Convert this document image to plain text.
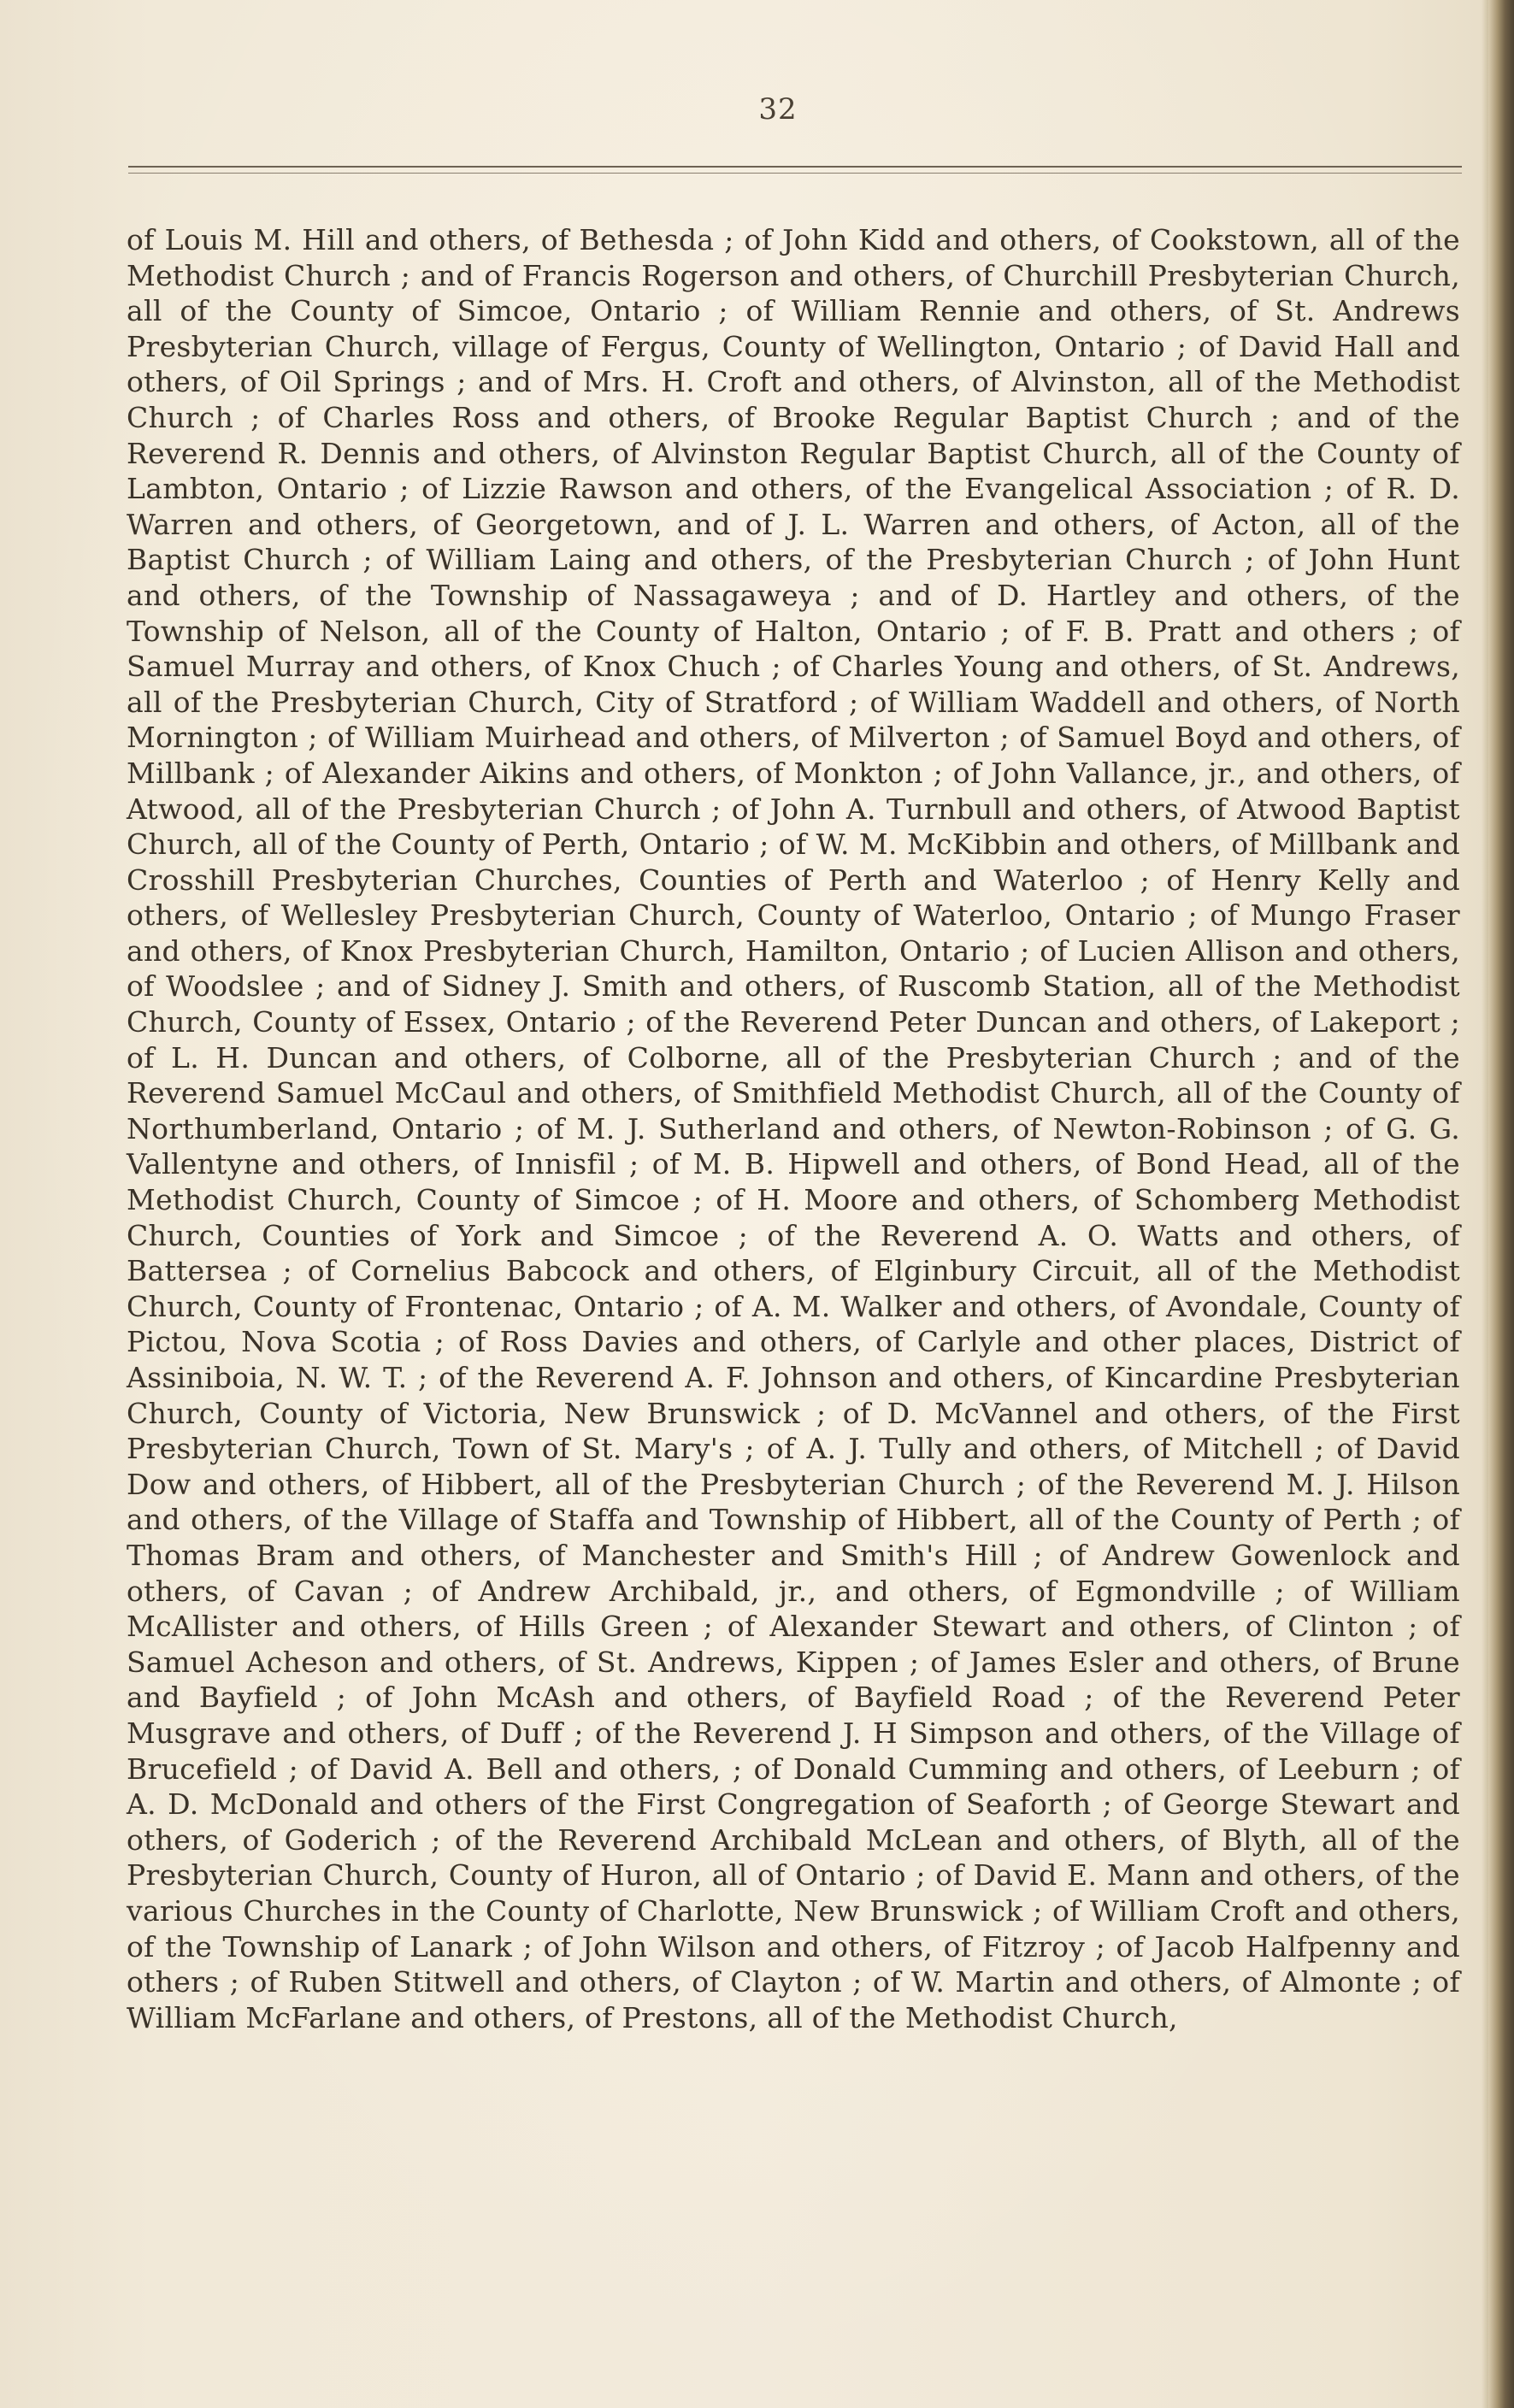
32

of Louis M. Hill and others, of Bethesda ; of John Kidd and others, of Cookstown, all of the Methodist Church ; and of Francis Rogerson and others, of Churchill Presbyterian Church, all of the County of Simcoe, Ontario ; of William Rennie and others, of St. Andrews Presbyterian Church, village of Fergus, County of Wellington, Ontario ; of David Hall and others, of Oil Springs ; and of Mrs. H. Croft and others, of Alvinston, all of the Methodist Church ; of Charles Ross and others, of Brooke Regular Baptist Church ; and of the Reverend R. Dennis and others, of Alvinston Regular Baptist Church, all of the County of Lambton, Ontario ; of Lizzie Rawson and others, of the Evangelical Association ; of R. D. Warren and others, of Georgetown, and of J. L. Warren and others, of Acton, all of the Baptist Church ; of William Laing and others, of the Presbyterian Church ; of John Hunt and others, of the Township of Nassagaweya ; and of D. Hartley and others, of the Township of Nelson, all of the County of Halton, Ontario ; of F. B. Pratt and others ; of Samuel Murray and others, of Knox Chuch ; of Charles Young and others, of St. Andrews, all of the Presbyterian Church, City of Stratford ; of William Waddell and others, of North Mornington ; of William Muirhead and others, of Milverton ; of Samuel Boyd and others, of Millbank ; of Alexander Aikins and others, of Monkton ; of John Vallance, jr., and others, of Atwood, all of the Presbyterian Church ; of John A. Turnbull and others, of Atwood Baptist Church, all of the County of Perth, Ontario ; of W. M. McKibbin and others, of Millbank and Crosshill Presbyterian Churches, Counties of Perth and Waterloo ; of Henry Kelly and others, of Wellesley Presbyterian Church, County of Waterloo, Ontario ; of Mungo Fraser and others, of Knox Presbyterian Church, Hamilton, Ontario ; of Lucien Allison and others, of Woodslee ; and of Sidney J. Smith and others, of Ruscomb Station, all of the Methodist Church, County of Essex, Ontario ; of the Reverend Peter Duncan and others, of Lakeport ; of L. H. Duncan and others, of Colborne, all of the Presbyterian Church ; and of the Reverend Samuel McCaul and others, of Smithfield Methodist Church, all of the County of Northumberland, Ontario ; of M. J. Sutherland and others, of Newton-Robinson ; of G. G. Vallentyne and others, of Innisfil ; of M. B. Hipwell and others, of Bond Head, all of the Methodist Church, County of Simcoe ; of H. Moore and others, of Schomberg Methodist Church, Counties of York and Simcoe ; of the Reverend A. O. Watts and others, of Battersea ; of Cornelius Babcock and others, of Elginbury Circuit, all of the Methodist Church, County of Frontenac, Ontario ; of A. M. Walker and others, of Avondale, County of Pictou, Nova Scotia ; of Ross Davies and others, of Carlyle and other places, District of Assiniboia, N. W. T. ; of the Reverend A. F. Johnson and others, of Kincardine Presbyterian Church, County of Victoria, New Brunswick ; of D. McVannel and others, of the First Presbyterian Church, Town of St. Mary's ; of A. J. Tully and others, of Mitchell ; of David Dow and others, of Hibbert, all of the Presbyterian Church ; of the Reverend M. J. Hilson and others, of the Village of Staffa and Township of Hibbert, all of the County of Perth ; of Thomas Bram and others, of Manchester and Smith's Hill ; of Andrew Gowenlock and others, of Cavan ; of Andrew Archibald, jr., and others, of Egmondville ; of William McAllister and others, of Hills Green ; of Alexander Stewart and others, of Clinton ; of Samuel Acheson and others, of St. Andrews, Kippen ; of James Esler and others, of Brune and Bayfield ; of John McAsh and others, of Bayfield Road ; of the Reverend Peter Musgrave and others, of Duff ; of the Reverend J. H Simpson and others, of the Village of Brucefield ; of David A. Bell and others, ; of Donald Cumming and others, of Leeburn ; of A. D. McDonald and others of the First Congregation of Seaforth ; of George Stewart and others, of Goderich ; of the Reverend Archibald McLean and others, of Blyth, all of the Presbyterian Church, County of Huron, all of Ontario ; of David E. Mann and others, of the various Churches in the County of Charlotte, New Brunswick ; of William Croft and others, of the Township of Lanark ; of John Wilson and others, of Fitzroy ; of Jacob Halfpenny and others ; of Ruben Stitwell and others, of Clayton ; of W. Martin and others, of Almonte ; of William McFarlane and others, of Prestons, all of the Methodist Church,
